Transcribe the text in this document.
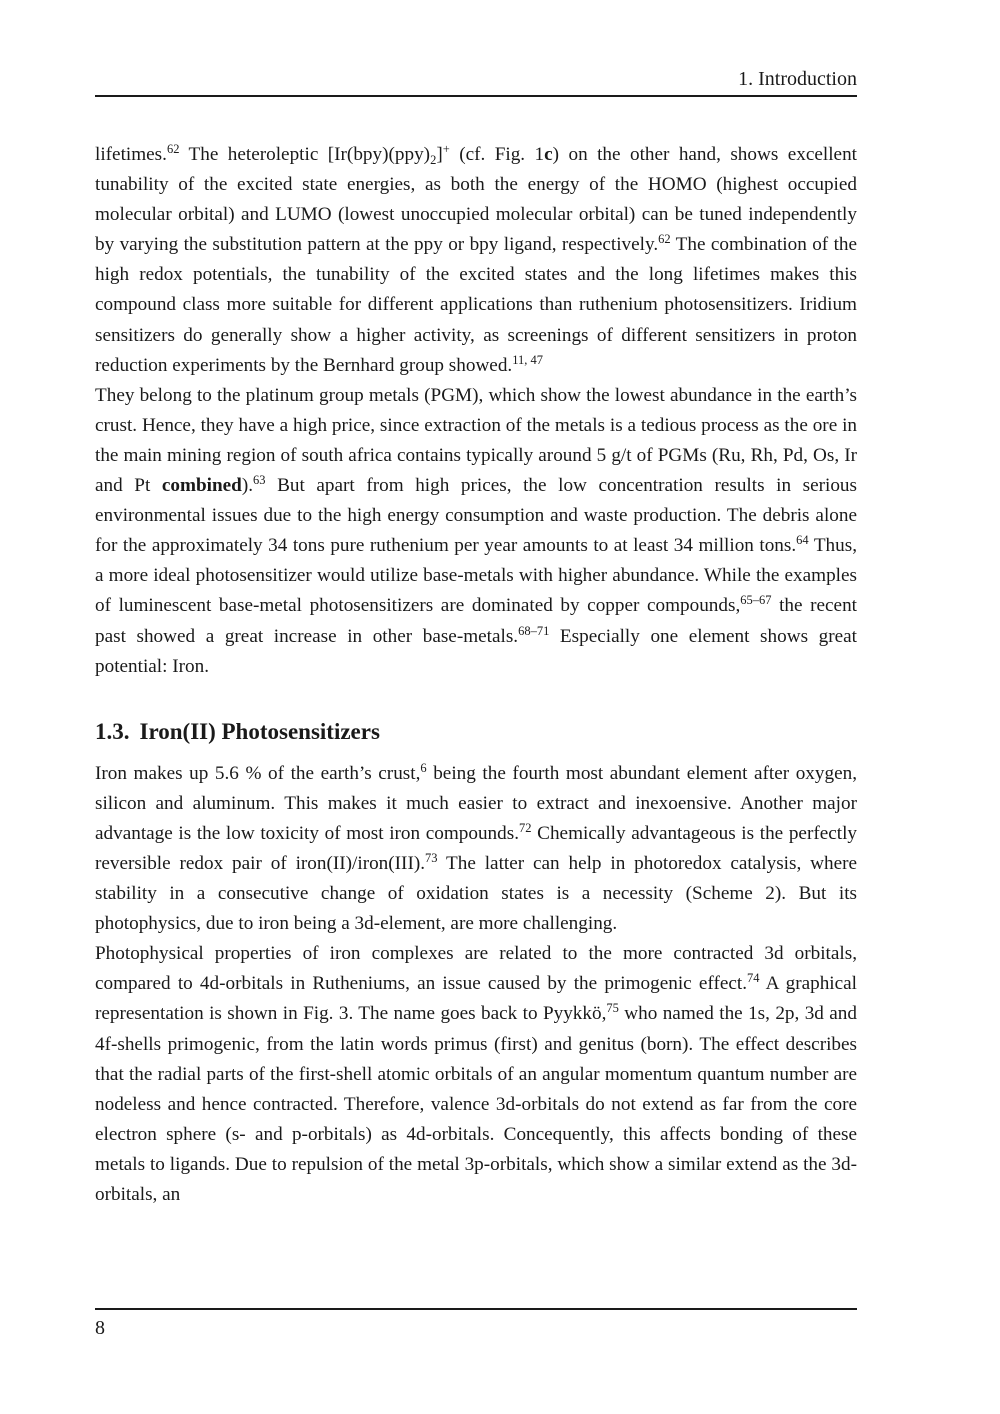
1. Introduction

lifetimes.$^{62}$ The heteroleptic $[Ir(bpy)(ppy)_2]^+$ (cf. Fig. 1c) on the other hand, shows excellent tunability of the excited state energies, as both the energy of the HOMO (highest occupied molecular orbital) and LUMO (lowest unoccupied molecular orbital) can be tuned independently by varying the substitution pattern at the ppy or bpy ligand, respectively.$^{62}$ The combination of the high redox potentials, the tunability of the excited states and the long lifetimes makes this compound class more suitable for different applications than ruthenium photosensitizers. Iridium sensitizers do generally show a higher activity, as screenings of different sensitizers in proton reduction experiments by the Bernhard group showed.$^{11, 47}$

They belong to the platinum group metals (PGM), which show the lowest abundance in the earth’s crust. Hence, they have a high price, since extraction of the metals is a tedious process as the ore in the main mining region of south africa contains typically around 5 g/t of PGMs (Ru, Rh, Pd, Os, Ir and Pt combined).$^{63}$ But apart from high prices, the low concentration results in serious environmental issues due to the high energy consumption and waste production. The debris alone for the approximately 34 tons pure ruthenium per year amounts to at least 34 million tons.$^{64}$ Thus, a more ideal photosensitizer would utilize base-metals with higher abundance. While the examples of luminescent base-metal photosensitizers are dominated by copper compounds,$^{65-67}$ the recent past showed a great increase in other base-metals.$^{68-71}$ Especially one element shows great potential: Iron.

1.3. Iron(II) Photosensitizers

Iron makes up 5.6 % of the earth’s crust,$^6$ being the fourth most abundant element after oxygen, silicon and aluminum. This makes it much easier to extract and inexoensive. Another major advantage is the low toxicity of most iron compounds.$^{72}$ Chemically advantageous is the perfectly reversible redox pair of iron(II)/iron(III).$^{73}$ The latter can help in photoredox catalysis, where stability in a consecutive change of oxidation states is a necessity (Scheme 2). But its photophysics, due to iron being a 3d-element, are more challenging.

Photophysical properties of iron complexes are related to the more contracted 3d orbitals, compared to 4d-orbitals in Rutheniums, an issue caused by the primogenic effect.$^{74}$ A graphical representation is shown in Fig. 3. The name goes back to Pyykkö,$^{75}$ who named the 1s, 2p, 3d and 4f-shells primogenic, from the latin words primus (first) and genitus (born). The effect describes that the radial parts of the first-shell atomic orbitals of an angular momentum quantum number are nodeless and hence contracted. Therefore, valence 3d-orbitals do not extend as far from the core electron sphere (s- and p-orbitals) as 4d-orbitals. Concequently, this affects bonding of these metals to ligands. Due to repulsion of the metal 3p-orbitals, which show a similar extend as the 3d-orbitals, an

8
